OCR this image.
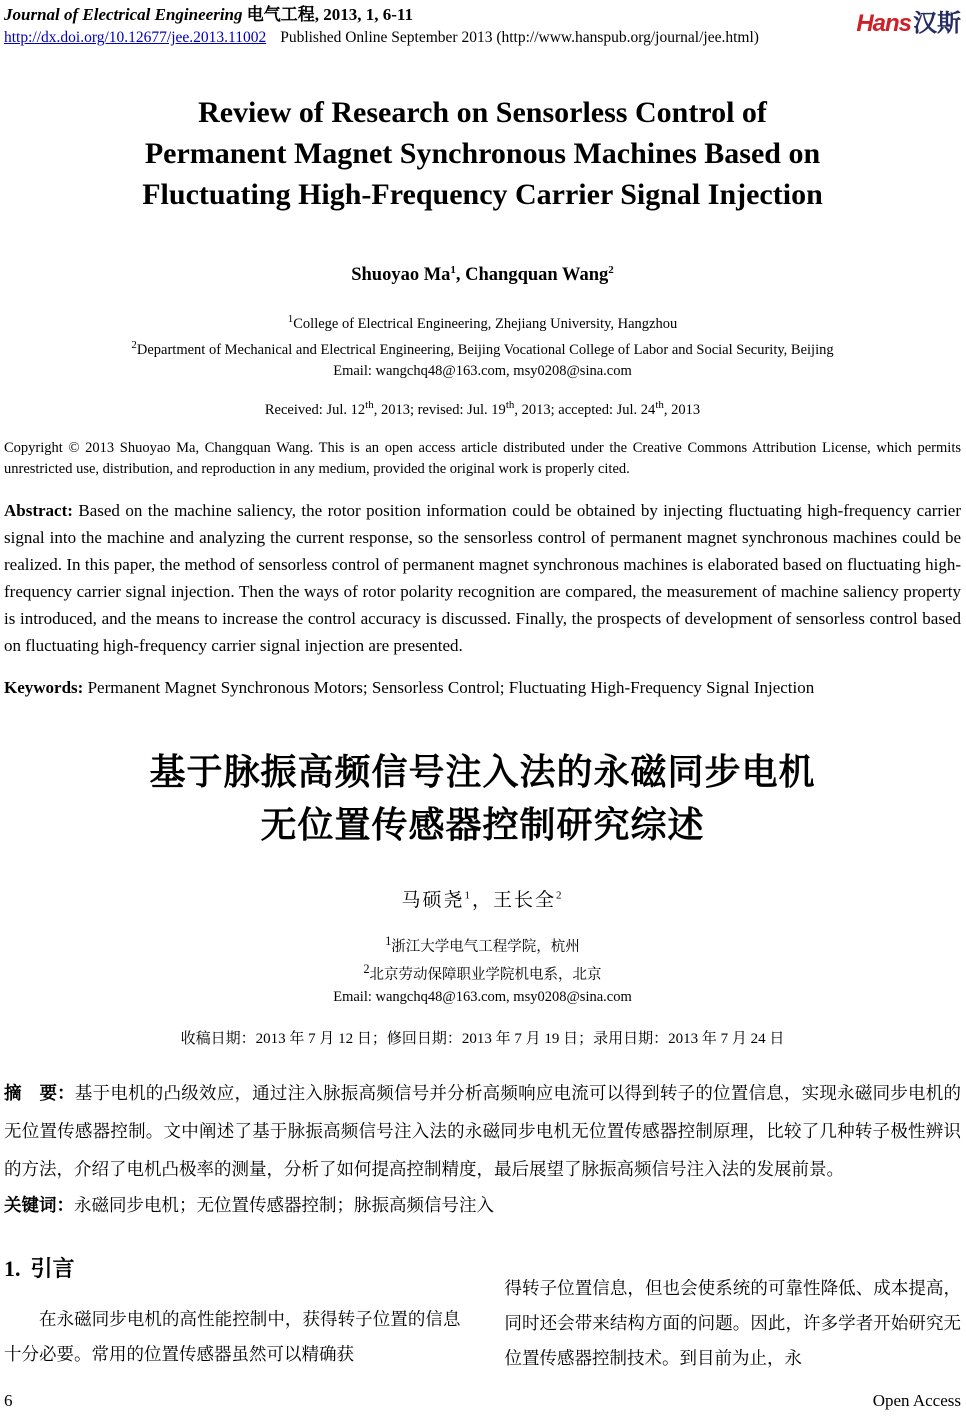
Journal of Electrical Engineering 电气工程, 2013, 1, 6-11
http://dx.doi.org/10.12677/jee.2013.11002 Published Online September 2013 (http://www.hanspub.org/journal/jee.html)
Hans汉斯
Review of Research on Sensorless Control of
Permanent Magnet Synchronous Machines Based on
Fluctuating High-Frequency Carrier Signal Injection
Shuoyao Ma$^1$, Changquan Wang$^2$
$^1$College of Electrical Engineering, Zhejiang University, Hangzhou
$^2$Department of Mechanical and Electrical Engineering, Beijing Vocational College of Labor and Social Security, Beijing
Email: wangchq48@163.com, msy0208@sina.com
Received: Jul. 12th, 2013; revised: Jul. 19th, 2013; accepted: Jul. 24th, 2013
Copyright © 2013 Shuoyao Ma, Changquan Wang. This is an open access article distributed under the Creative Commons Attribution License, which permits unrestricted use, distribution, and reproduction in any medium, provided the original work is properly cited.
Abstract: Based on the machine saliency, the rotor position information could be obtained by injecting fluctuating high-frequency carrier signal into the machine and analyzing the current response, so the sensorless control of permanent magnet synchronous machines could be realized. In this paper, the method of sensorless control of permanent magnet synchronous machines is elaborated based on fluctuating high-frequency carrier signal injection. Then the ways of rotor polarity recognition are compared, the measurement of machine saliency property is introduced, and the means to increase the control accuracy is discussed. Finally, the prospects of development of sensorless control based on fluctuating high-frequency carrier signal injection are presented.
Keywords: Permanent Magnet Synchronous Motors; Sensorless Control; Fluctuating High-Frequency Signal Injection
基于脉振高频信号注入法的永磁同步电机
无位置传感器控制研究综述
马硕尧$^1$，王长全$^2$
$^1$浙江大学电气工程学院，杭州
$^2$北京劳动保障职业学院机电系，北京
Email: wangchq48@163.com, msy0208@sina.com
收稿日期：2013 年 7 月 12 日；修回日期：2013 年 7 月 19 日；录用日期：2013 年 7 月 24 日
摘　要：基于电机的凸级效应，通过注入脉振高频信号并分析高频响应电流可以得到转子的位置信息，实现永磁同步电机的无位置传感器控制。文中阐述了基于脉振高频信号注入法的永磁同步电机无位置传感器控制原理，比较了几种转子极性辨识的方法，介绍了电机凸极率的测量，分析了如何提高控制精度，最后展望了脉振高频信号注入法的发展前景。
关键词：永磁同步电机；无位置传感器控制；脉振高频信号注入
1. 引言

在永磁同步电机的高性能控制中，获得转子位置的信息十分必要。常用的位置传感器虽然可以精确获

得转子位置信息，但也会使系统的可靠性降低、成本提高，同时还会带来结构方面的问题。因此，许多学者开始研究无位置传感器控制技术。到目前为止，永

6	Open Access
